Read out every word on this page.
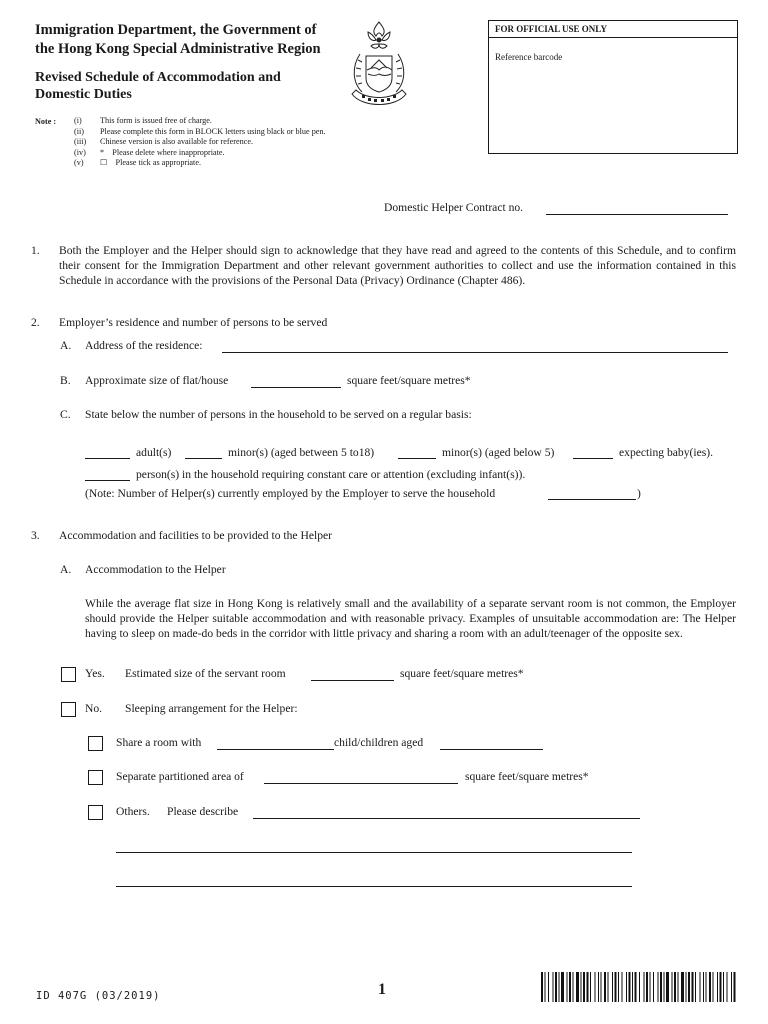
Immigration Department, the Government of
the Hong Kong Special Administrative Region
Revised Schedule of Accommodation and
Domestic Duties
Note : (i)	This form is issued free of charge.
(ii)	Please complete this form in BLOCK letters using black or blue pen.
(iii)	Chinese version is also available for reference.
(iv)	*    Please delete where inappropriate.
(v)	☐    Please tick as appropriate.
FOR OFFICIAL USE ONLY
Reference barcode
Domestic Helper Contract no.
1. Both the Employer and the Helper should sign to acknowledge that they have read and agreed to the contents of this Schedule, and to confirm their consent for the Immigration Department and other relevant government authorities to collect and use the information contained in this Schedule in accordance with the provisions of the Personal Data (Privacy) Ordinance (Chapter 486).
2. Employer’s residence and number of persons to be served
A. Address of the residence:
B. Approximate size of flat/house	square feet/square metres*
C. State below the number of persons in the household to be served on a regular basis:
adult(s)	minor(s) (aged between 5 to18)	minor(s) (aged below 5)	expecting baby(ies).
person(s) in the household requiring constant care or attention (excluding infant(s)).
(Note: Number of Helper(s) currently employed by the Employer to serve the household	)
3. Accommodation and facilities to be provided to the Helper
A. Accommodation to the Helper
While the average flat size in Hong Kong is relatively small and the availability of a separate servant room is not common, the Employer should provide the Helper suitable accommodation and with reasonable privacy. Examples of unsuitable accommodation are: The Helper having to sleep on made-do beds in the corridor with little privacy and sharing a room with an adult/teenager of the opposite sex.
Yes. Estimated size of the servant room	square feet/square metres*
No. Sleeping arrangement for the Helper:
Share a room with	child/children aged
Separate partitioned area of	square feet/square metres*
Others. Please describe
ID 407G (03/2019)	1
